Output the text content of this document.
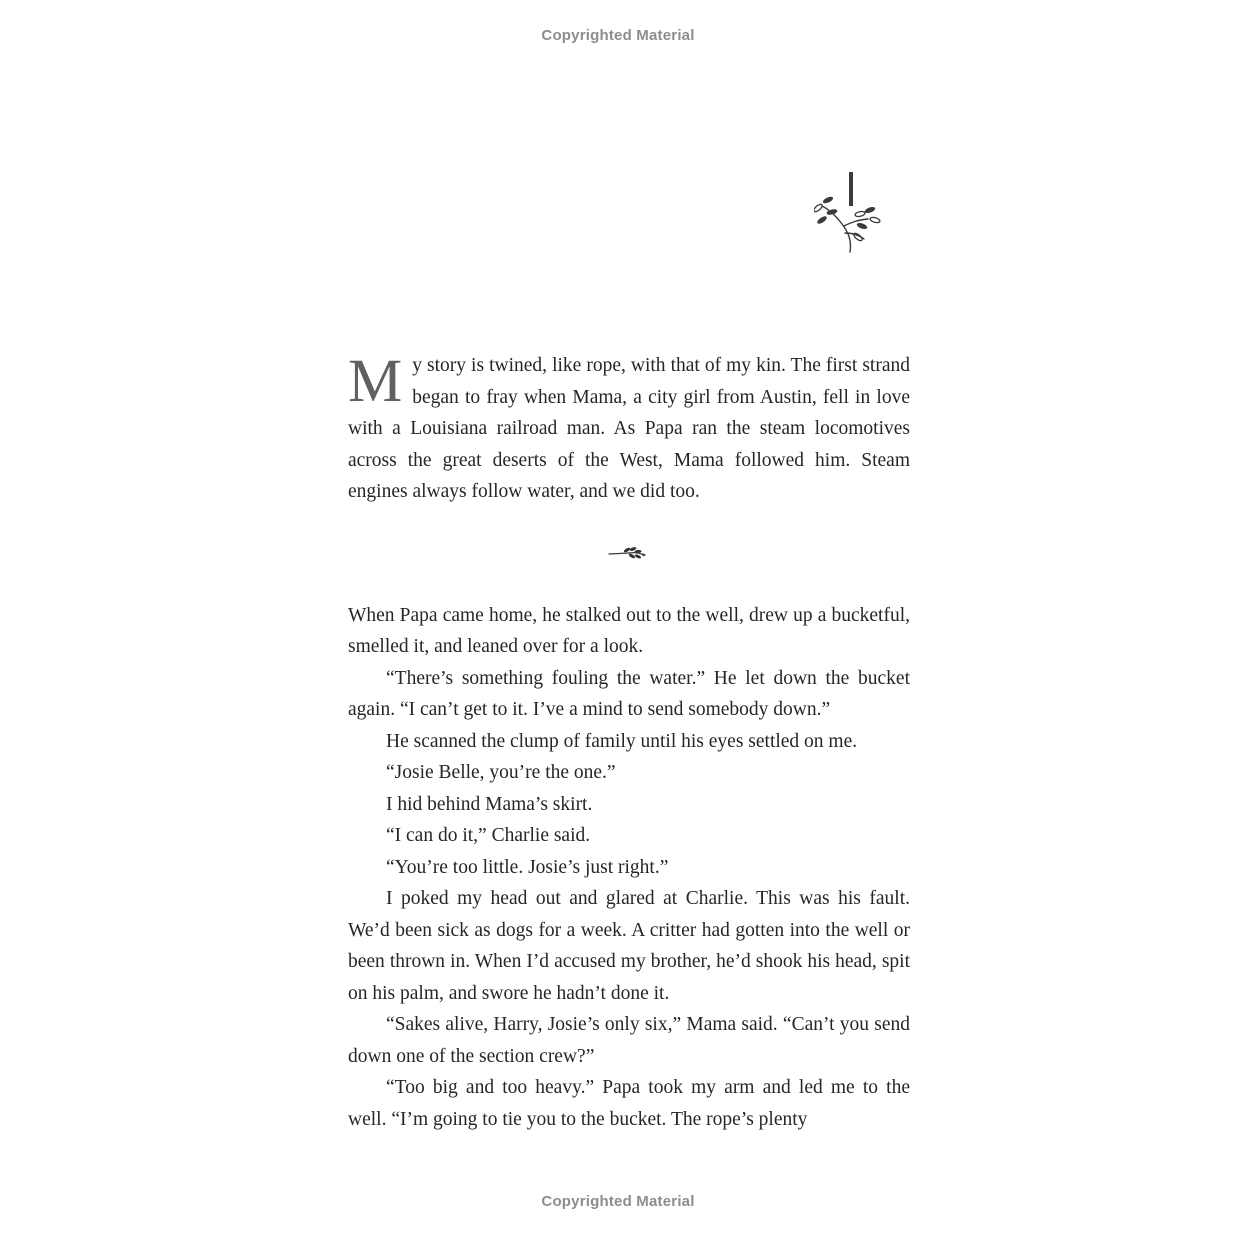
Copyrighted Material

My story is twined, like rope, with that of my kin. The first strand began to fray when Mama, a city girl from Austin, fell in love with a Louisiana railroad man. As Papa ran the steam locomotives across the great deserts of the West, Mama followed him. Steam engines always follow water, and we did too.

When Papa came home, he stalked out to the well, drew up a bucketful, smelled it, and leaned over for a look.

“There’s something fouling the water.” He let down the bucket again. “I can’t get to it. I’ve a mind to send somebody down.”

He scanned the clump of family until his eyes settled on me.

“Josie Belle, you’re the one.”

I hid behind Mama’s skirt.

“I can do it,” Charlie said.

“You’re too little. Josie’s just right.”

I poked my head out and glared at Charlie. This was his fault. We’d been sick as dogs for a week. A critter had gotten into the well or been thrown in. When I’d accused my brother, he’d shook his head, spit on his palm, and swore he hadn’t done it.

“Sakes alive, Harry, Josie’s only six,” Mama said. “Can’t you send down one of the section crew?”

“Too big and too heavy.” Papa took my arm and led me to the well. “I’m going to tie you to the bucket. The rope’s plenty

Copyrighted Material
